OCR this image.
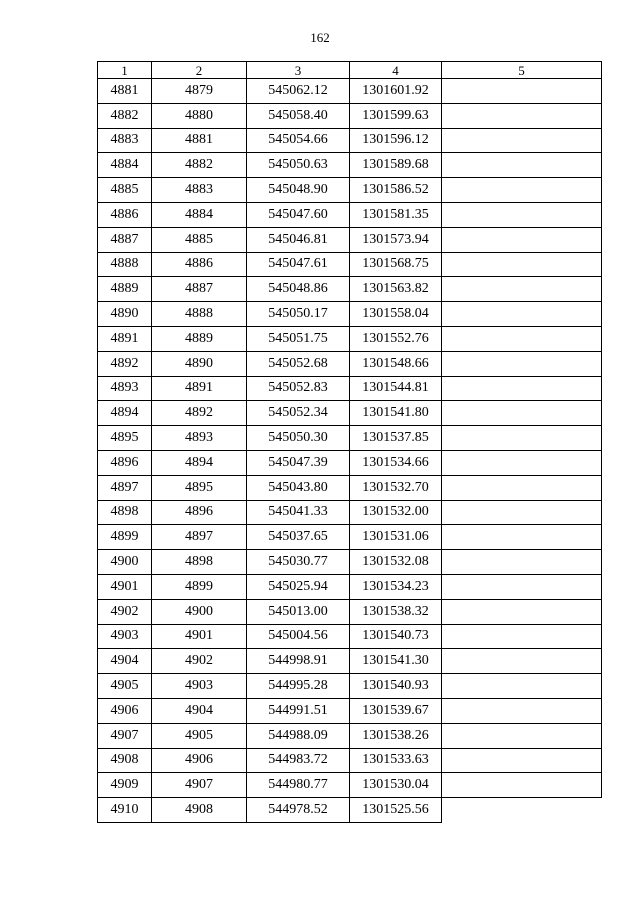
162
1	2	3	4	5
4881	4879	545062.12	1301601.92	
4882	4880	545058.40	1301599.63	
4883	4881	545054.66	1301596.12	
4884	4882	545050.63	1301589.68	
4885	4883	545048.90	1301586.52	
4886	4884	545047.60	1301581.35	
4887	4885	545046.81	1301573.94	
4888	4886	545047.61	1301568.75	
4889	4887	545048.86	1301563.82	
4890	4888	545050.17	1301558.04	
4891	4889	545051.75	1301552.76	
4892	4890	545052.68	1301548.66	
4893	4891	545052.83	1301544.81	
4894	4892	545052.34	1301541.80	
4895	4893	545050.30	1301537.85	
4896	4894	545047.39	1301534.66	
4897	4895	545043.80	1301532.70	
4898	4896	545041.33	1301532.00	
4899	4897	545037.65	1301531.06	
4900	4898	545030.77	1301532.08	
4901	4899	545025.94	1301534.23	
4902	4900	545013.00	1301538.32	
4903	4901	545004.56	1301540.73	
4904	4902	544998.91	1301541.30	
4905	4903	544995.28	1301540.93	
4906	4904	544991.51	1301539.67	
4907	4905	544988.09	1301538.26	
4908	4906	544983.72	1301533.63	
4909	4907	544980.77	1301530.04	
4910	4908	544978.52	1301525.56	
